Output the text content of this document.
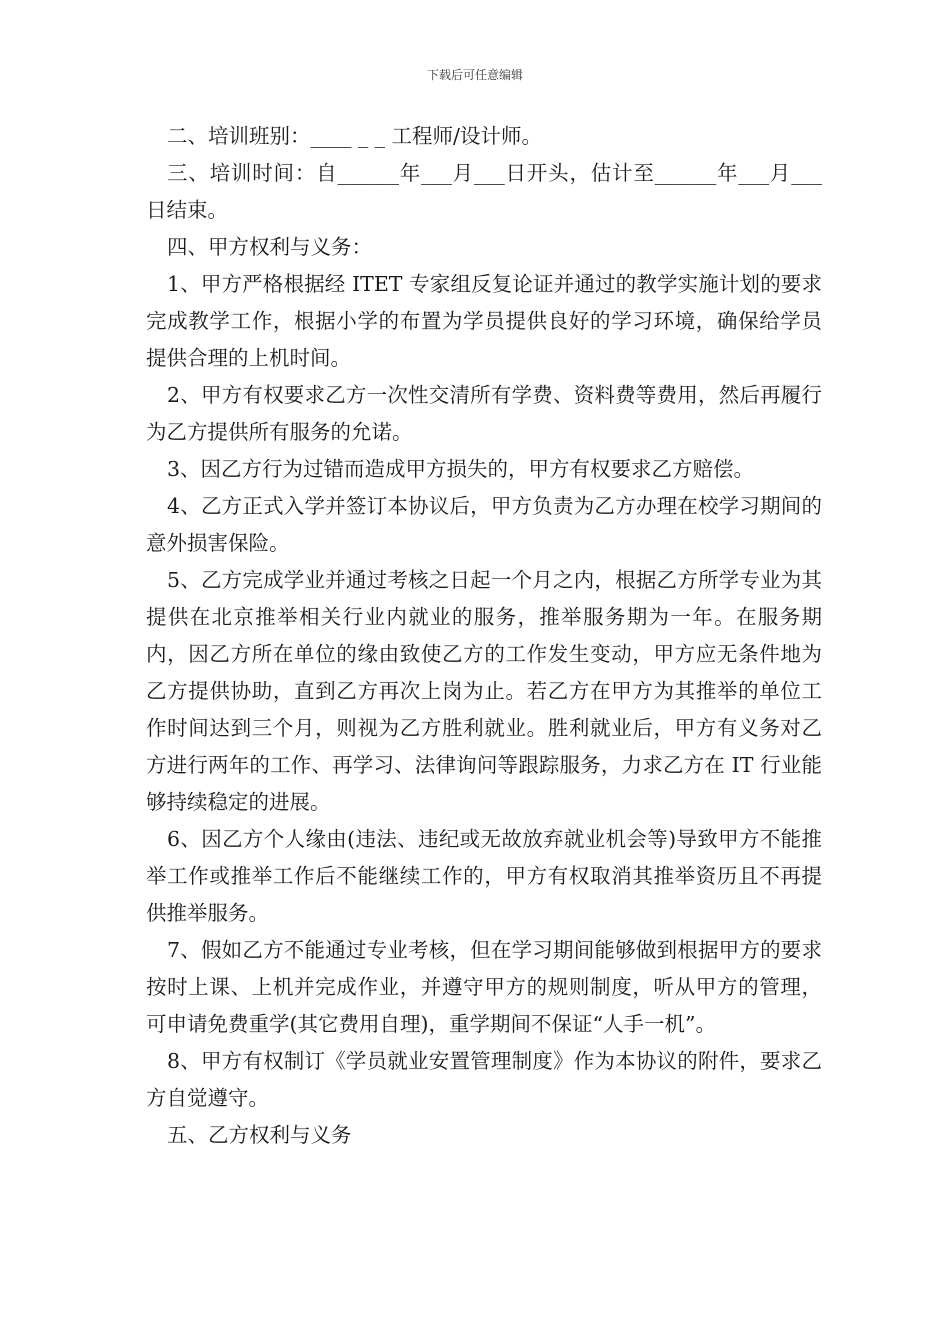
下载后可任意编辑

二、培训班别：____ _ _ 工程师/设计师。

三、培训时间：自______年___月___日开头，估计至______年___月___日结束。

四、甲方权利与义务：

1、甲方严格根据经 ITET 专家组反复论证并通过的教学实施计划的要求完成教学工作，根据小学的布置为学员提供良好的学习环境，确保给学员提供合理的上机时间。

2、甲方有权要求乙方一次性交清所有学费、资料费等费用，然后再履行为乙方提供所有服务的允诺。

3、因乙方行为过错而造成甲方损失的，甲方有权要求乙方赔偿。

4、乙方正式入学并签订本协议后，甲方负责为乙方办理在校学习期间的意外损害保险。

5、乙方完成学业并通过考核之日起一个月之内，根据乙方所学专业为其提供在北京推举相关行业内就业的服务，推举服务期为一年。在服务期内，因乙方所在单位的缘由致使乙方的工作发生变动，甲方应无条件地为乙方提供协助，直到乙方再次上岗为止。若乙方在甲方为其推举的单位工作时间达到三个月，则视为乙方胜利就业。胜利就业后，甲方有义务对乙方进行两年的工作、再学习、法律询问等跟踪服务，力求乙方在 IT 行业能够持续稳定的进展。

6、因乙方个人缘由(违法、违纪或无故放弃就业机会等)导致甲方不能推举工作或推举工作后不能继续工作的，甲方有权取消其推举资历且不再提供推举服务。

7、假如乙方不能通过专业考核，但在学习期间能够做到根据甲方的要求按时上课、上机并完成作业，并遵守甲方的规则制度，听从甲方的管理，可申请免费重学(其它费用自理)，重学期间不保证“人手一机”。

8、甲方有权制订《学员就业安置管理制度》作为本协议的附件，要求乙方自觉遵守。

五、乙方权利与义务
